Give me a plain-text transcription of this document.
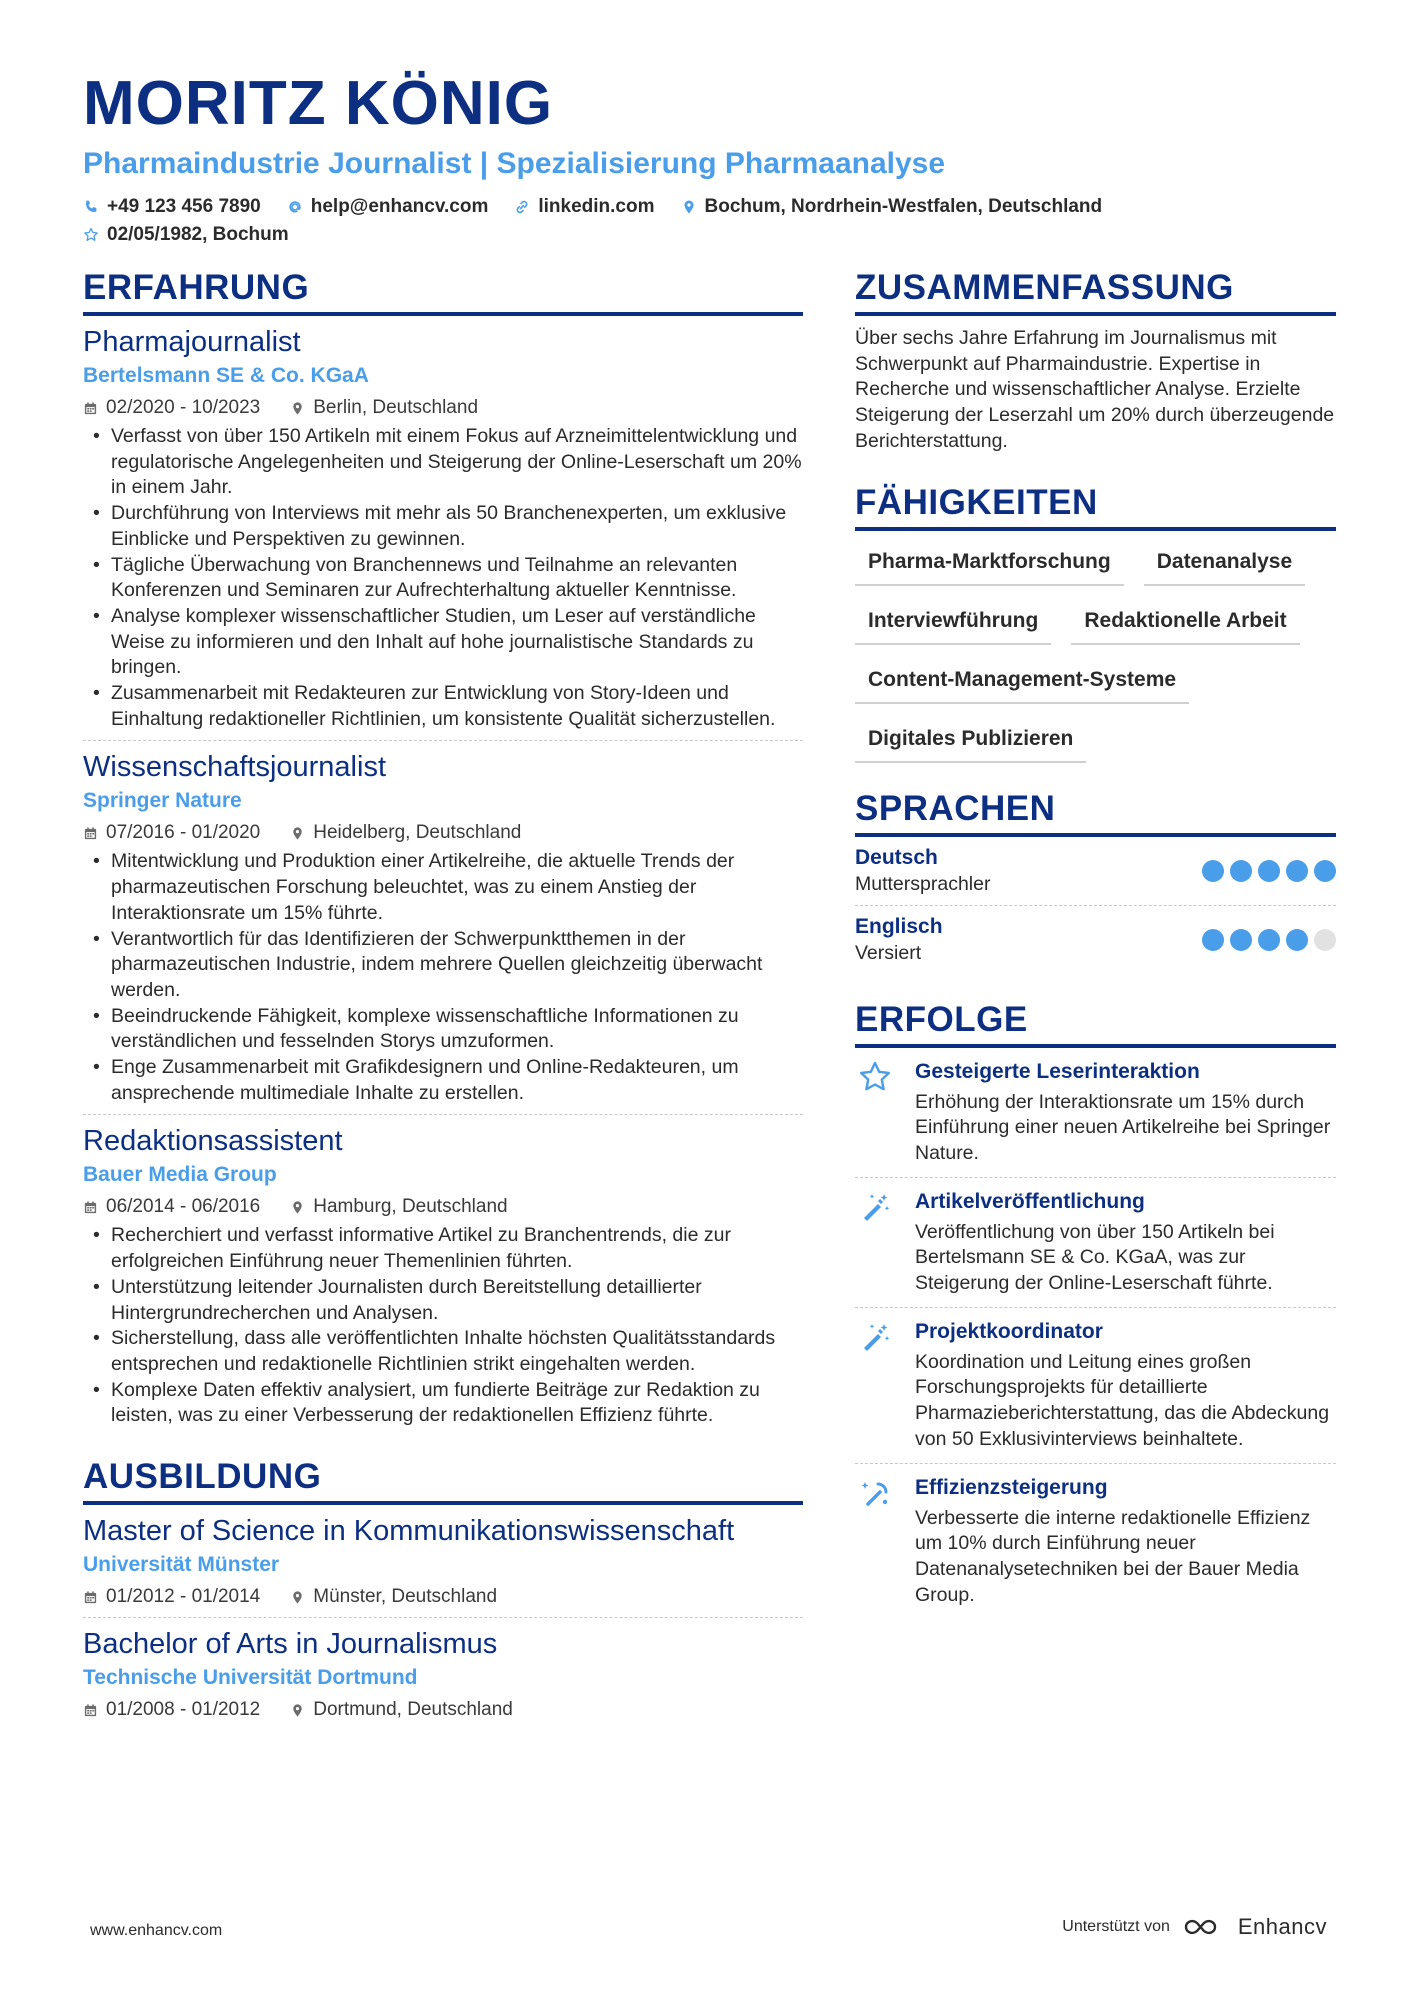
MORITZ KÖNIG
Pharmaindustrie Journalist | Spezialisierung Pharmaanalyse
+49 123 456 7890	help@enhancv.com	linkedin.com	Bochum, Nordrhein-Westfalen, Deutschland
02/05/1982, Bochum
ERFAHRUNG
Pharmajournalist
Bertelsmann SE & Co. KGaA
02/2020 - 10/2023	Berlin, Deutschland
• Verfasst von über 150 Artikeln mit einem Fokus auf Arzneimittelentwicklung und regulatorische Angelegenheiten und Steigerung der Online-Leserschaft um 20% in einem Jahr.
• Durchführung von Interviews mit mehr als 50 Branchenexperten, um exklusive Einblicke und Perspektiven zu gewinnen.
• Tägliche Überwachung von Branchennews und Teilnahme an relevanten Konferenzen und Seminaren zur Aufrechterhaltung aktueller Kenntnisse.
• Analyse komplexer wissenschaftlicher Studien, um Leser auf verständliche Weise zu informieren und den Inhalt auf hohe journalistische Standards zu bringen.
• Zusammenarbeit mit Redakteuren zur Entwicklung von Story-Ideen und Einhaltung redaktioneller Richtlinien, um konsistente Qualität sicherzustellen.
Wissenschaftsjournalist
Springer Nature
07/2016 - 01/2020	Heidelberg, Deutschland
• Mitentwicklung und Produktion einer Artikelreihe, die aktuelle Trends der pharmazeutischen Forschung beleuchtet, was zu einem Anstieg der Interaktionsrate um 15% führte.
• Verantwortlich für das Identifizieren der Schwerpunktthemen in der pharmazeutischen Industrie, indem mehrere Quellen gleichzeitig überwacht werden.
• Beeindruckende Fähigkeit, komplexe wissenschaftliche Informationen zu verständlichen und fesselnden Storys umzuformen.
• Enge Zusammenarbeit mit Grafikdesignern und Online-Redakteuren, um ansprechende multimediale Inhalte zu erstellen.
Redaktionsassistent
Bauer Media Group
06/2014 - 06/2016	Hamburg, Deutschland
• Recherchiert und verfasst informative Artikel zu Branchentrends, die zur erfolgreichen Einführung neuer Themenlinien führten.
• Unterstützung leitender Journalisten durch Bereitstellung detaillierter Hintergrundrecherchen und Analysen.
• Sicherstellung, dass alle veröffentlichten Inhalte höchsten Qualitätsstandards entsprechen und redaktionelle Richtlinien strikt eingehalten werden.
• Komplexe Daten effektiv analysiert, um fundierte Beiträge zur Redaktion zu leisten, was zu einer Verbesserung der redaktionellen Effizienz führte.
AUSBILDUNG
Master of Science in Kommunikationswissenschaft
Universität Münster
01/2012 - 01/2014	Münster, Deutschland
Bachelor of Arts in Journalismus
Technische Universität Dortmund
01/2008 - 01/2012	Dortmund, Deutschland
ZUSAMMENFASSUNG
Über sechs Jahre Erfahrung im Journalismus mit Schwerpunkt auf Pharmaindustrie. Expertise in Recherche und wissenschaftlicher Analyse. Erzielte Steigerung der Leserzahl um 20% durch überzeugende Berichterstattung.
FÄHIGKEITEN
Pharma-Marktforschung	Datenanalyse
Interviewführung	Redaktionelle Arbeit
Content-Management-Systeme
Digitales Publizieren
SPRACHEN
Deutsch
Muttersprachler
Englisch
Versiert
ERFOLGE
Gesteigerte Leserinteraktion
Erhöhung der Interaktionsrate um 15% durch Einführung einer neuen Artikelreihe bei Springer Nature.
Artikelveröffentlichung
Veröffentlichung von über 150 Artikeln bei Bertelsmann SE & Co. KGaA, was zur Steigerung der Online-Leserschaft führte.
Projektkoordinator
Koordination und Leitung eines großen Forschungsprojekts für detaillierte Pharmazieberichterstattung, das die Abdeckung von 50 Exklusivinterviews beinhaltete.
Effizienzsteigerung
Verbesserte die interne redaktionelle Effizienz um 10% durch Einführung neuer Datenanalysetechniken bei der Bauer Media Group.
www.enhancv.com	Unterstützt von	Enhancv
